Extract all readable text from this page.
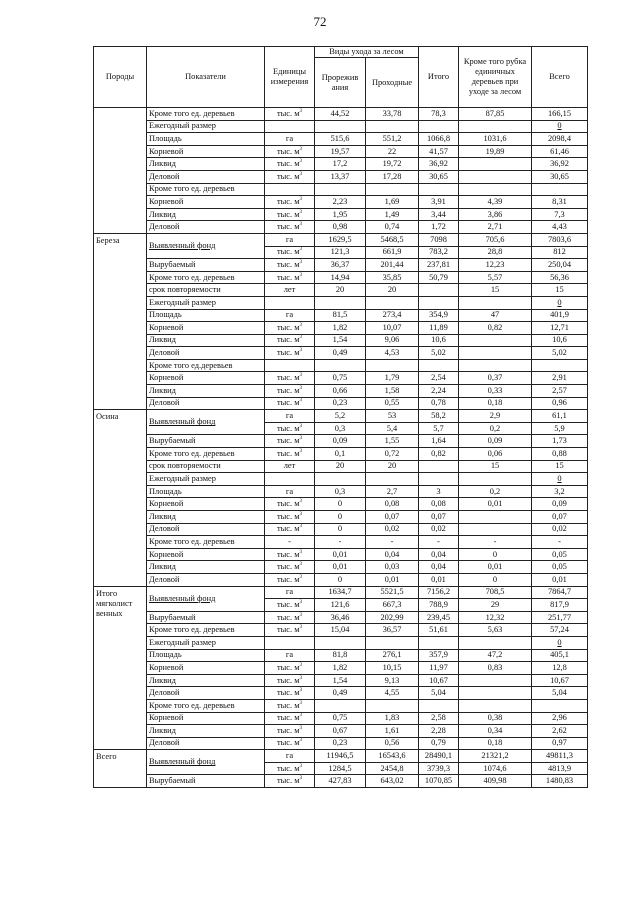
72
Породы	Показатели	Единицы измерения	Виды ухода за лесом		Итого	Кроме того рубка единичных деревьев при уходе за лесом	Всего
			Прорежив ания	Проходные			
	Кроме того ед. деревьев	тыс. $м^3$	44,52	33,78	78,3	87,85	166,15
	Ежегодный размер						0
	Площадь	га	515,6	551,2	1066,8	1031,6	2098,4
	Корневой	тыс. $м^3$	19,57	22	41,57	19,89	61,46
	Ликвид	тыс. $м^3$	17,2	19,72	36,92		36,92
	Деловой	тыс. $м^3$	13,37	17,28	30,65		30,65
	Кроме того ед. деревьев						
	Корневой	тыс. $м^3$	2,23	1,69	3,91	4,39	8,31
	Ликвид	тыс. $м^3$	1,95	1,49	3,44	3,86	7,3
	Деловой	тыс. $м^3$	0,98	0,74	1,72	2,71	4,43
Береза	Выявленный фонд	га	1629,5	5468,5	7098	705,6	7803,6
		тыс. $м^3$	121,3	661,9	783,2	28,8	812
	Вырубаемый	тыс. $м^3$	36,37	201,44	237,81	12,23	250,04
	Кроме того ед. деревьев	тыс. $м^3$	14,94	35,85	50,79	5,57	56,36
	срок повторяемости	лет	20	20		15	15
	Ежегодный размер						0
	Площадь	га	81,5	273,4	354,9	47	401,9
	Корневой	тыс. $м^3$	1,82	10,07	11,89	0,82	12,71
	Ликвид	тыс. $м^3$	1,54	9,06	10,6		10,6
	Деловой	тыс. $м^3$	0,49	4,53	5,02		5,02
	Кроме того ед.деревьев						
	Корневой	тыс. $м^3$	0,75	1,79	2,54	0,37	2,91
	Ликвид	тыс. $м^3$	0,66	1,58	2,24	0,33	2,57
	Деловой	тыс. $м^3$	0,23	0,55	0,78	0,18	0,96
Осина	Выявленный фонд	га	5,2	53	58,2	2,9	61,1
		тыс. $м^3$	0,3	5,4	5,7	0,2	5,9
	Вырубаемый	тыс. $м^3$	0,09	1,55	1,64	0,09	1,73
	Кроме того ед. деревьев	тыс. $м^3$	0,1	0,72	0,82	0,06	0,88
	срок повторяемости	лет	20	20		15	15
	Ежегодный размер						0
	Площадь	га	0,3	2,7	3	0,2	3,2
	Корневой	тыс. $м^3$	0	0,08	0,08	0,01	0,09
	Ликвид	тыс. $м^3$	0	0,07	0,07		0,07
	Деловой	тыс. $м^3$	0	0,02	0,02		0,02
	Кроме того ед. деревьев	-	-	-	-	-	-
	Корневой	тыс. $м^3$	0,01	0,04	0,04	0	0,05
	Ликвид	тыс. $м^3$	0,01	0,03	0,04	0,01	0,05
	Деловой	тыс. $м^3$	0	0,01	0,01	0	0,01
Итого мягколист венных	Выявленный фонд	га	1634,7	5521,5	7156,2	708,5	7864,7
		тыс. $м^3$	121,6	667,3	788,9	29	817,9
	Вырубаемый	тыс. $м^3$	36,46	202,99	239,45	12,32	251,77
	Кроме того ед. деревьев	тыс. $м^3$	15,04	36,57	51,61	5,63	57,24
	Ежегодный размер						0
	Площадь	га	81,8	276,1	357,9	47,2	405,1
	Корневой	тыс. $м^3$	1,82	10,15	11,97	0,83	12,8
	Ликвид	тыс. $м^3$	1,54	9,13	10,67		10,67
	Деловой	тыс. $м^3$	0,49	4,55	5,04		5,04
	Кроме того ед. деревьев	тыс. $м^3$					
	Корневой	тыс. $м^3$	0,75	1,83	2,58	0,38	2,96
	Ликвид	тыс. $м^3$	0,67	1,61	2,28	0,34	2,62
	Деловой	тыс. $м^3$	0,23	0,56	0,79	0,18	0,97
Всего	Выявленный фонд	га	11946,5	16543,6	28490,1	21321,2	49811,3
		тыс. $м^3$	1284,5	2454,8	3739,3	1074,6	4813,9
	Вырубаемый	тыс. $м^3$	427,83	643,02	1070,85	409,98	1480,83
